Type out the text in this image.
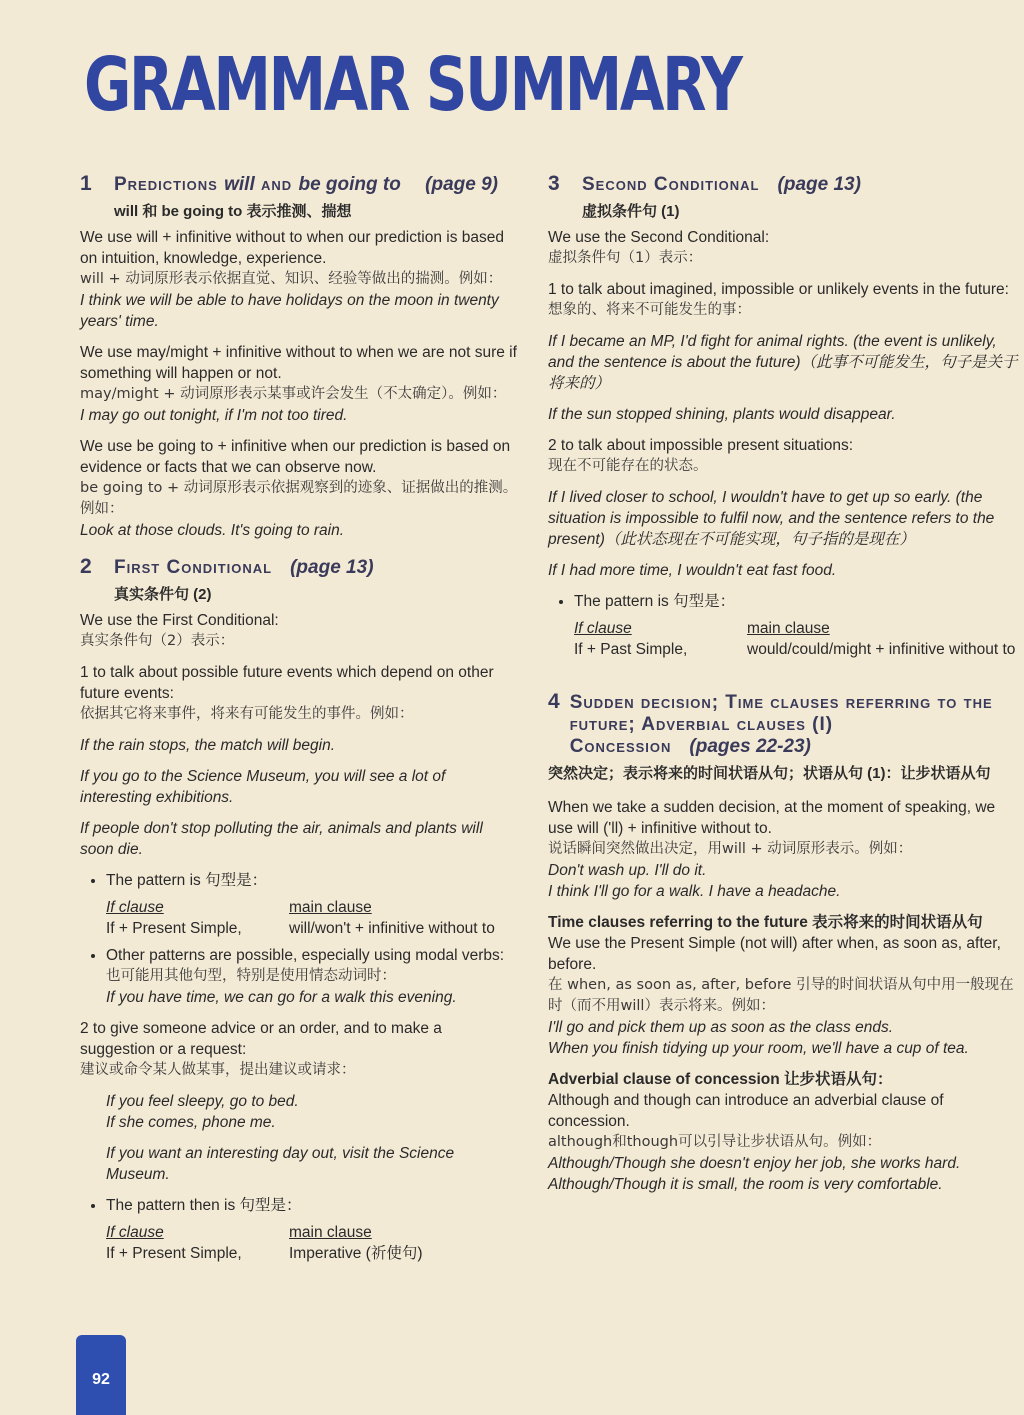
GRAMMAR SUMMARY
1	Predictions will and be going to (page 9)
will 和 be going to 表示推测、揣想

We use will + infinitive without to when our prediction is based on intuition, knowledge, experience.
will + 动词原形表示依据直觉、知识、经验等做出的揣测。例如：
I think we will be able to have holidays on the moon in twenty years' time.

We use may/might + infinitive without to when we are not sure if something will happen or not.
may/might + 动词原形表示某事或许会发生（不太确定）。例如：
I may go out tonight, if I'm not too tired.

We use be going to + infinitive when our prediction is based on evidence or facts that we can observe now.
be going to + 动词原形表示依据观察到的迹象、证据做出的推测。例如：
Look at those clouds. It's going to rain.

2	First Conditional (page 13)
真实条件句 (2)

We use the First Conditional:
真实条件句（2）表示：

1 to talk about possible future events which depend on other future events:
依据其它将来事件，将来有可能发生的事件。例如：

If the rain stops, the match will begin.

If you go to the Science Museum, you will see a lot of interesting exhibitions.

If people don't stop polluting the air, animals and plants will soon die.

• The pattern is 句型是：
If clause	main clause
If + Present Simple,	will/won't + infinitive without to
• Other patterns are possible, especially using modal verbs:
也可能用其他句型，特别是使用情态动词时：
If you have time, we can go for a walk this evening.

2 to give someone advice or an order, and to make a suggestion or a request:
建议或命令某人做某事，提出建议或请求：

If you feel sleepy, go to bed.
If she comes, phone me.

If you want an interesting day out, visit the Science Museum.

• The pattern then is 句型是：
If clause	main clause
If + Present Simple,	Imperative (祈使句)
3	Second Conditional (page 13)
虚拟条件句 (1)

We use the Second Conditional:
虚拟条件句（1）表示：

1 to talk about imagined, impossible or unlikely events in the future:
想象的、将来不可能发生的事：

If I became an MP, I'd fight for animal rights. (the event is unlikely, and the sentence is about the future)（此事不可能发生，句子是关于将来的）

If the sun stopped shining, plants would disappear.

2 to talk about impossible present situations:
现在不可能存在的状态。

If I lived closer to school, I wouldn't have to get up so early. (the situation is impossible to fulfil now, and the sentence refers to the present)（此状态现在不可能实现，句子指的是现在）

If I had more time, I wouldn't eat fast food.

• The pattern is 句型是：
If clause	main clause
If + Past Simple,	would/could/might + infinitive without to
4 Sudden decision; Time clauses referring to the future; Adverbial clauses (I) Concession (pages 22-23)
突然决定；表示将来的时间状语从句；状语从句 (1)：让步状语从句

When we take a sudden decision, at the moment of speaking, we use will ('ll) + infinitive without to.
说话瞬间突然做出决定，用will + 动词原形表示。例如：
Don't wash up. I'll do it.
I think I'll go for a walk. I have a headache.

Time clauses referring to the future 表示将来的时间状语从句
We use the Present Simple (not will) after when, as soon as, after, before.
在 when, as soon as, after, before 引导的时间状语从句中用一般现在时（而不用will）表示将来。例如：
I'll go and pick them up as soon as the class ends.
When you finish tidying up your room, we'll have a cup of tea.

Adverbial clause of concession 让步状语从句：
Although and though can introduce an adverbial clause of concession.
although和though可以引导让步状语从句。例如：
Although/Though she doesn't enjoy her job, she works hard.
Although/Though it is small, the room is very comfortable.

92
